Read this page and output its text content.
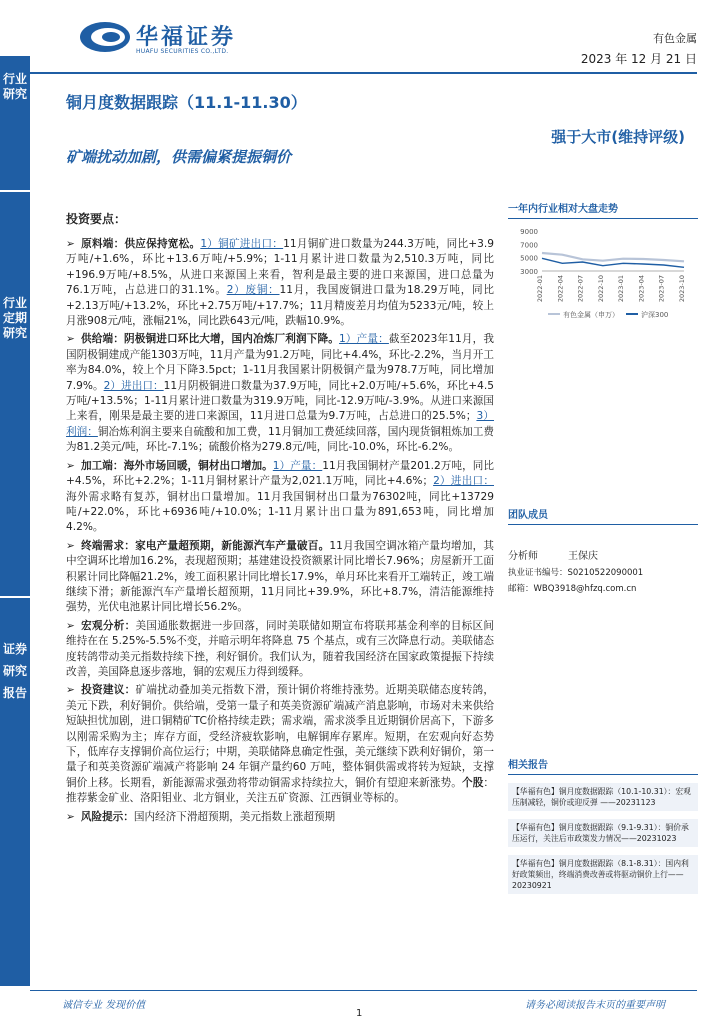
行业研究
行业定期研究
证券研究报告
华福证券
HUAFU SECURITIES CO.,LTD.
有色金属
2023 年 12 月 21 日
铜月度数据跟踪（11.1-11.30）
强于大市(维持评级)
矿端扰动加剧，供需偏紧提振铜价
投资要点：
➢ 原料端：供应保持宽松。1）铜矿进出口：11月铜矿进口数量为244.3万吨，同比+3.9万吨/+1.6%，环比+13.6万吨/+5.9%；1-11月累计进口数量为2,510.3万吨，同比+196.9万吨/+8.5%，从进口来源国上来看，智利是最主要的进口来源国，进口总量为76.1万吨，占总进口的31.1%。2）废铜：11月，我国废铜进口量为18.29万吨，同比+2.13万吨/+13.2%，环比+2.75万吨/+17.7%；11月精废差月均值为5233元/吨，较上月涨908元/吨，涨幅21%，同比跌643元/吨，跌幅10.9%。
➢ 供给端：阴极铜进口环比大增，国内冶炼厂利润下降。1）产量：截至2023年11月，我国阴极铜建成产能1303万吨，11月产量为91.2万吨，同比+4.4%，环比-2.2%，当月开工率为84.0%，较上个月下降3.5pct；1-11月我国累计阴极铜产量为978.7万吨，同比增加7.9%。2）进出口：11月阴极铜进口数量为37.9万吨，同比+2.0万吨/+5.6%，环比+4.5万吨/+13.5%；1-11月累计进口数量为319.9万吨，同比-12.9万吨/-3.9%。从进口来源国上来看，刚果是最主要的进口来源国，11月进口总量为9.7万吨，占总进口的25.5%；3）利润：铜冶炼利润主要来自硫酸和加工费，11月铜加工费延续回落，国内现货铜粗炼加工费为81.2美元/吨，环比-7.1%；硫酸价格为279.8元/吨，同比-10.0%，环比-6.2%。
➢ 加工端：海外市场回暖，铜材出口增加。1）产量：11月我国铜材产量201.2万吨，同比+4.5%，环比+2.2%；1-11月铜材累计产量为2,021.1万吨，同比+4.6%；2）进出口：海外需求略有复苏，铜材出口量增加。11月我国铜材出口量为76302吨，同比+13729吨/+22.0%，环比+6936吨/+10.0%；1-11月累计出口量为891,653吨，同比增加4.2%。
➢ 终端需求：家电产量超预期，新能源汽车产量破百。11月我国空调冰箱产量均增加，其中空调环比增加16.2%，表现超预期；基建建设投资额累计同比增长7.96%；房屋新开工面积累计同比降幅21.2%，竣工面积累计同比增长17.9%，单月环比来看开工端转正，竣工端继续下滑；新能源汽车产量增长超预期，11月同比+39.9%，环比+8.7%，清洁能源维持强势，光伏电池累计同比增长56.2%。
➢ 宏观分析：美国通胀数据进一步回落，同时美联储如期宣布将联邦基金利率的目标区间维持在在 5.25%-5.5%不变，并暗示明年将降息 75 个基点，或有三次降息行动。美联储态度转鸽带动美元指数持续下挫，利好铜价。我们认为，随着我国经济在国家政策提振下持续改善，美国降息逐步落地，铜的宏观压力得到缓释。
➢ 投资建议：矿端扰动叠加美元指数下滑，预计铜价将维持涨势。近期美联储态度转鸽，美元下跌，利好铜价。供给端，受第一量子和英美资源矿端减产消息影响，市场对未来供给短缺担忧加剧，进口铜精矿TC价格持续走跌；需求端，需求淡季且近期铜价居高下，下游多以刚需采购为主；库存方面，受经济疲软影响，电解铜库存累库。短期，在宏观向好态势下，低库存支撑铜价高位运行；中期，美联储降息确定性强，美元继续下跌利好铜价，第一量子和英美资源矿端减产将影响 24 年铜产量约60 万吨，整体铜供需或将转为短缺，支撑铜价上移。长期看，新能源需求强劲将带动铜需求持续拉大，铜价有望迎来新涨势。个股：推荐紫金矿业、洛阳钼业、北方铜业，关注五矿资源、江西铜业等标的。
➢ 风险提示：国内经济下滑超预期，美元指数上涨超预期
一年内行业相对大盘走势
3000
5000
7000
9000
2022-01 2022-04 2022-07 2022-10 2023-01 2023-04 2023-07 2023-10
有色金属（申万）	沪深300
团队成员
分析师	王保庆
执业证书编号：S0210522090001
邮箱：WBQ3918@hfzq.com.cn
相关报告
【华福有色】铜月度数据跟踪（10.1-10.31）：宏观压制减轻，铜价或迎反弹 ——20231123
【华福有色】铜月度数据跟踪（9.1-9.31）：铜价承压运行，关注后市政策发力情况——20231023
【华福有色】铜月度数据跟踪（8.1-8.31）：国内利好政策频出，终端消费改善或将驱动铜价上行——20230921
诚信专业 发现价值	请务必阅读报告末页的重要声明
1
